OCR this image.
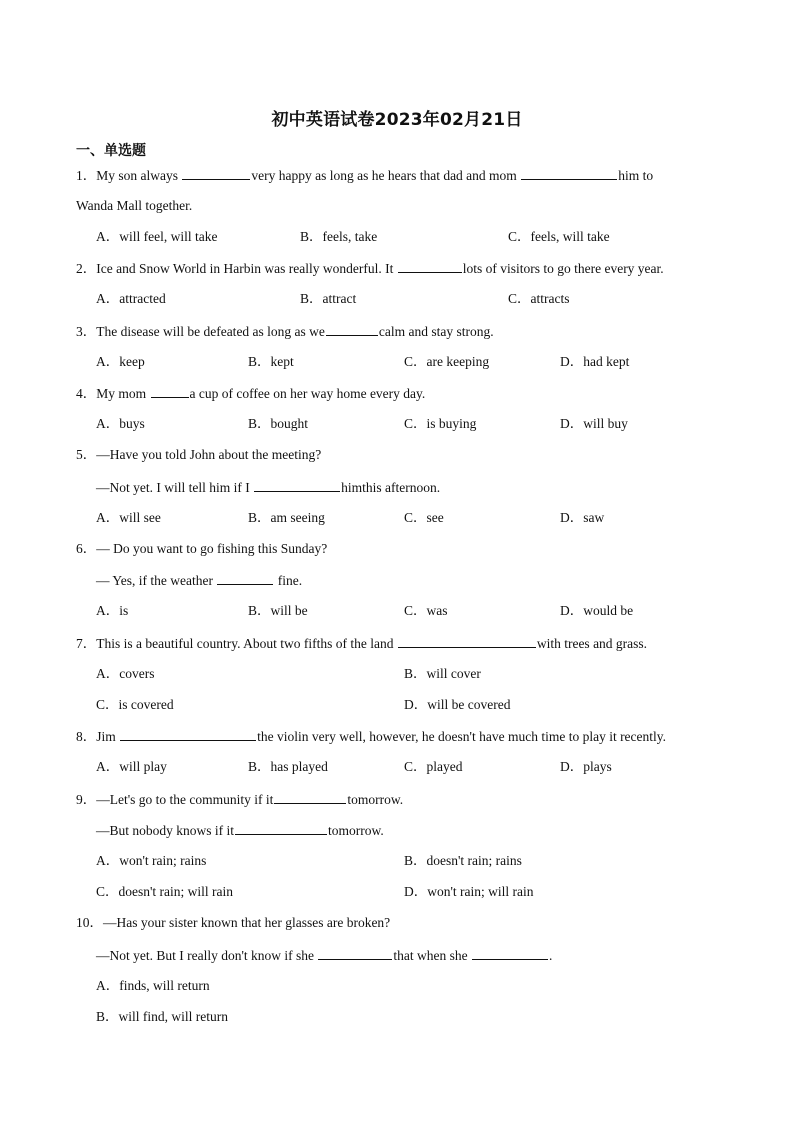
初中英语试卷2023年02月21日
一、单选题
1．My son always	very happy as long as he hears that dad and mom	him to
Wanda Mall together.
A．will feel, will take	B．feels, take	C．feels, will take
2．Ice and Snow World in Harbin was really wonderful. It	lots of visitors to go there every year.
A．attracted	B．attract	C．attracts
3．The disease will be defeated as long as we	calm and stay strong.
A．keep	B．kept	C．are keeping	D．had kept
4．My mom	a cup of coffee on her way home every day.
A．buys	B．bought	C．is buying	D．will buy
5．—Have you told John about the meeting?
—Not yet. I will tell him if I	himthis afternoon.
A．will see	B．am seeing	C．see	D．saw
6．— Do you want to go fishing this Sunday?
— Yes, if the weather	fine.
A．is	B．will be	C．was	D．would be
7．This is a beautiful country. About two fifths of the land	with trees and grass.
A．covers	B．will cover
C．is covered	D．will be covered
8．Jim	the violin very well, however, he doesn't have much time to play it recently.
A．will play	B．has played	C．played	D．plays
9．—Let's go to the community if it	tomorrow.
—But nobody knows if it	tomorrow.
A．won't rain; rains	B．doesn't rain; rains
C．doesn't rain; will rain	D．won't rain; will rain
10．—Has your sister known that her glasses are broken?
—Not yet. But I really don't know if she	that when she	.
A．finds, will return
B．will find, will return
